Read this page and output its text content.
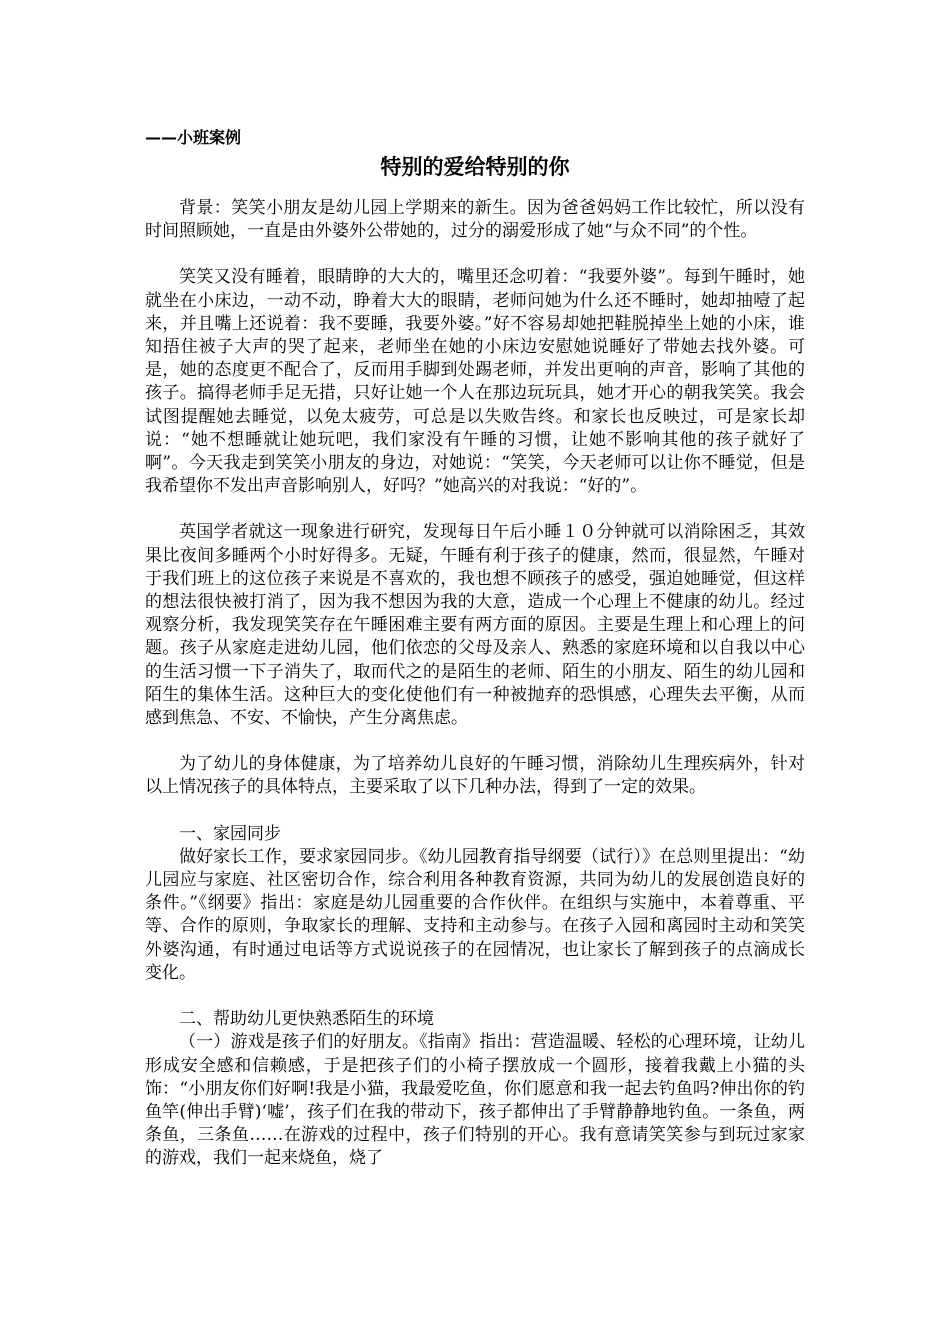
——小班案例
特别的爱给特别的你

背景：笑笑小朋友是幼儿园上学期来的新生。因为爸爸妈妈工作比较忙，所以没有时间照顾她，一直是由外婆外公带她的，过分的溺爱形成了她“与众不同”的个性。

笑笑又没有睡着，眼睛睁的大大的，嘴里还念叨着：“我要外婆”。每到午睡时，她就坐在小床边，一动不动，睁着大大的眼睛，老师问她为什么还不睡时，她却抽噎了起来，并且嘴上还说着：我不要睡，我要外婆。”好不容易却她把鞋脱掉坐上她的小床，谁知捂住被子大声的哭了起来，老师坐在她的小床边安慰她说睡好了带她去找外婆。可是，她的态度更不配合了，反而用手脚到处踢老师，并发出更响的声音，影响了其他的孩子。搞得老师手足无措，只好让她一个人在那边玩玩具，她才开心的朝我笑笑。我会试图提醒她去睡觉，以免太疲劳，可总是以失败告终。和家长也反映过，可是家长却说：“她不想睡就让她玩吧，我们家没有午睡的习惯，让她不影响其他的孩子就好了啊”。今天我走到笑笑小朋友的身边，对她说：“笑笑，今天老师可以让你不睡觉，但是我希望你不发出声音影响别人，好吗？”她高兴的对我说：“好的”。

英国学者就这一现象进行研究，发现每日午后小睡１０分钟就可以消除困乏，其效果比夜间多睡两个小时好得多。无疑，午睡有利于孩子的健康，然而，很显然，午睡对于我们班上的这位孩子来说是不喜欢的，我也想不顾孩子的感受，强迫她睡觉，但这样的想法很快被打消了，因为我不想因为我的大意，造成一个心理上不健康的幼儿。经过观察分析，我发现笑笑存在午睡困难主要有两方面的原因。主要是生理上和心理上的问题。孩子从家庭走进幼儿园，他们依恋的父母及亲人、熟悉的家庭环境和以自我以中心的生活习惯一下子消失了，取而代之的是陌生的老师、陌生的小朋友、陌生的幼儿园和陌生的集体生活。这种巨大的变化使他们有一种被抛弃的恐惧感，心理失去平衡，从而感到焦急、不安、不愉快，产生分离焦虑。

为了幼儿的身体健康，为了培养幼儿良好的午睡习惯，消除幼儿生理疾病外，针对以上情况孩子的具体特点，主要采取了以下几种办法，得到了一定的效果。

一、家园同步

做好家长工作，要求家园同步。《幼儿园教育指导纲要（试行）》在总则里提出：“幼儿园应与家庭、社区密切合作，综合利用各种教育资源，共同为幼儿的发展创造良好的条件。”《纲要》指出：家庭是幼儿园重要的合作伙伴。在组织与实施中，本着尊重、平等、合作的原则，争取家长的理解、支持和主动参与。在孩子入园和离园时主动和笑笑外婆沟通，有时通过电话等方式说说孩子的在园情况，也让家长了解到孩子的点滴成长变化。

二、帮助幼儿更快熟悉陌生的环境

（一）游戏是孩子们的好朋友。《指南》指出：营造温暖、轻松的心理环境，让幼儿形成安全感和信赖感，于是把孩子们的小椅子摆放成一个圆形，接着我戴上小猫的头饰：“小朋友你们好啊!我是小猫，我最爱吃鱼，你们愿意和我一起去钓鱼吗?伸出你的钓鱼竿(伸出手臂)‘嘘’，孩子们在我的带动下，孩子都伸出了手臂静静地钓鱼。一条鱼，两条鱼，三条鱼……在游戏的过程中，孩子们特别的开心。我有意请笑笑参与到玩过家家的游戏，我们一起来烧鱼，烧了
